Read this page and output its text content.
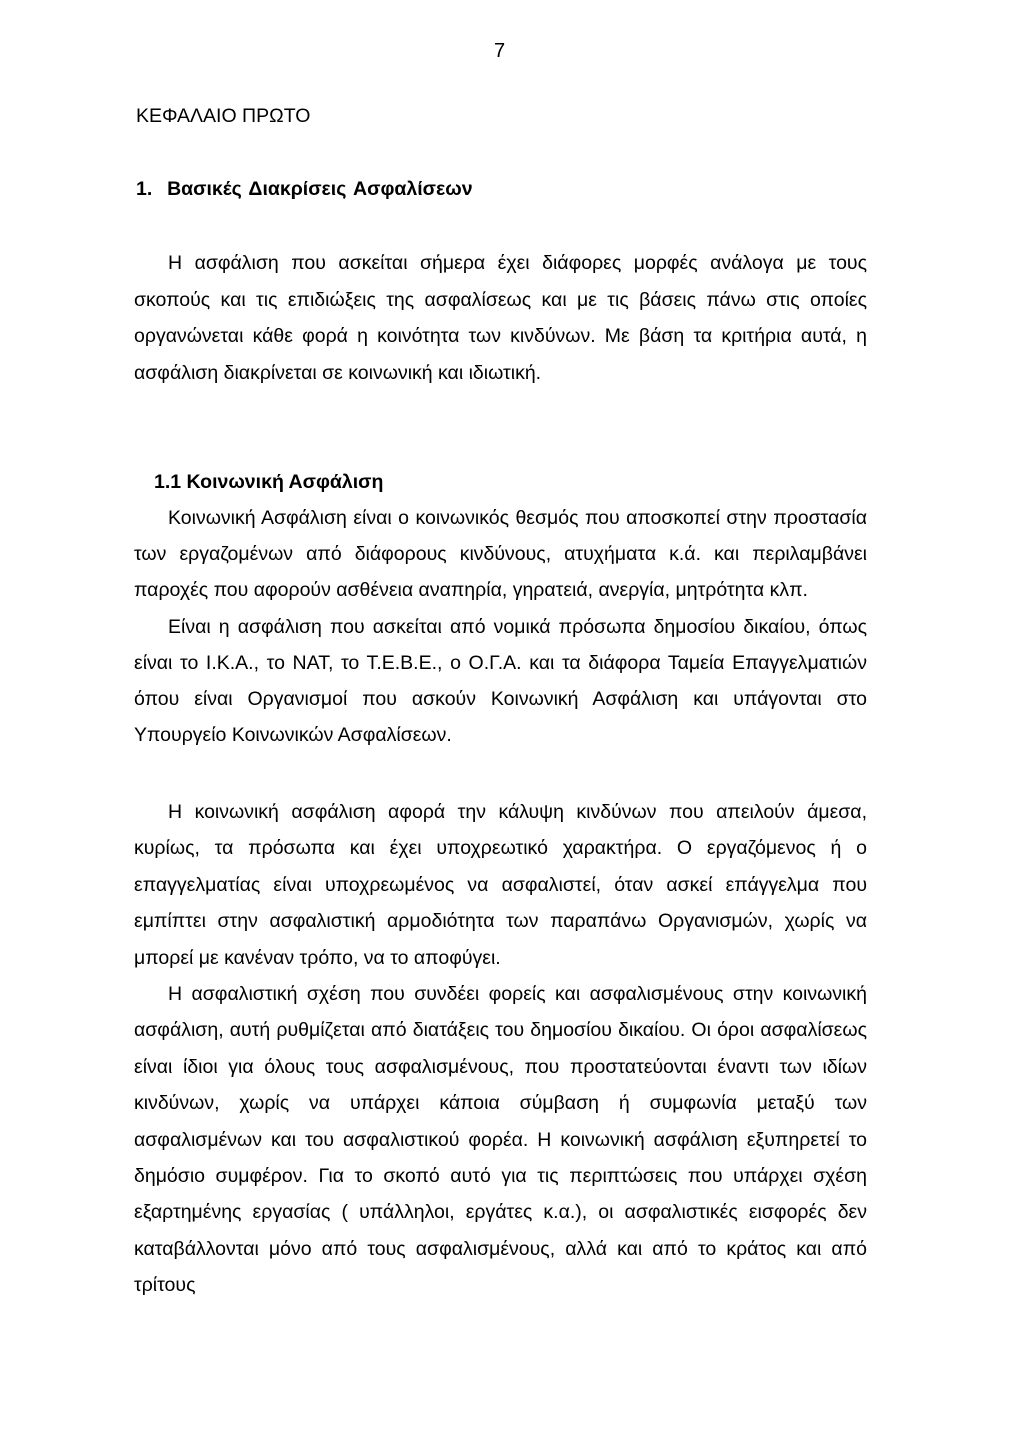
7
ΚΕΦΑΛΑΙΟ ΠΡΩΤΟ
1.  Βασικές Διακρίσεις Ασφαλίσεων

Η ασφάλιση που ασκείται σήμερα έχει διάφορες μορφές ανάλογα με τους σκοπούς και τις επιδιώξεις της ασφαλίσεως και με τις βάσεις πάνω στις οποίες οργανώνεται κάθε φορά η κοινότητα των κινδύνων. Με βάση τα κριτήρια αυτά, η ασφάλιση διακρίνεται σε κοινωνική και ιδιωτική.

1.1 Κοινωνική Ασφάλιση

Κοινωνική Ασφάλιση είναι ο κοινωνικός θεσμός που αποσκοπεί στην προστασία των εργαζομένων από διάφορους κινδύνους, ατυχήματα κ.ά. και περιλαμβάνει παροχές που αφορούν ασθένεια αναπηρία, γηρατειά, ανεργία, μητρότητα κλπ.

Είναι η ασφάλιση που ασκείται από νομικά πρόσωπα δημοσίου δικαίου, όπως είναι το Ι.Κ.Α., το ΝΑΤ, το Τ.Ε.Β.Ε., ο Ο.Γ.Α. και τα διάφορα Ταμεία Επαγγελματιών όπου είναι Οργανισμοί που ασκούν Κοινωνική Ασφάλιση και υπάγονται στο Υπουργείο Κοινωνικών Ασφαλίσεων.

Η κοινωνική ασφάλιση αφορά την κάλυψη κινδύνων που απειλούν άμεσα, κυρίως, τα πρόσωπα και έχει υποχρεωτικό χαρακτήρα. Ο εργαζόμενος ή ο επαγγελματίας είναι υποχρεωμένος να ασφαλιστεί, όταν ασκεί επάγγελμα που εμπίπτει στην ασφαλιστική αρμοδιότητα των παραπάνω Οργανισμών, χωρίς να μπορεί με κανέναν τρόπο, να το αποφύγει.

Η ασφαλιστική σχέση που συνδέει φορείς και ασφαλισμένους στην κοινωνική ασφάλιση, αυτή ρυθμίζεται από διατάξεις του δημοσίου δικαίου. Οι όροι ασφαλίσεως είναι ίδιοι για όλους τους ασφαλισμένους, που προστατεύονται έναντι των ιδίων κινδύνων, χωρίς να υπάρχει κάποια σύμβαση ή συμφωνία μεταξύ των ασφαλισμένων και του ασφαλιστικού φορέα. Η κοινωνική ασφάλιση εξυπηρετεί το δημόσιο συμφέρον. Για το σκοπό αυτό για τις περιπτώσεις που υπάρχει σχέση εξαρτημένης εργασίας ( υπάλληλοι, εργάτες κ.α.), οι ασφαλιστικές εισφορές δεν καταβάλλονται μόνο από τους ασφαλισμένους, αλλά και από το κράτος και από τρίτους
